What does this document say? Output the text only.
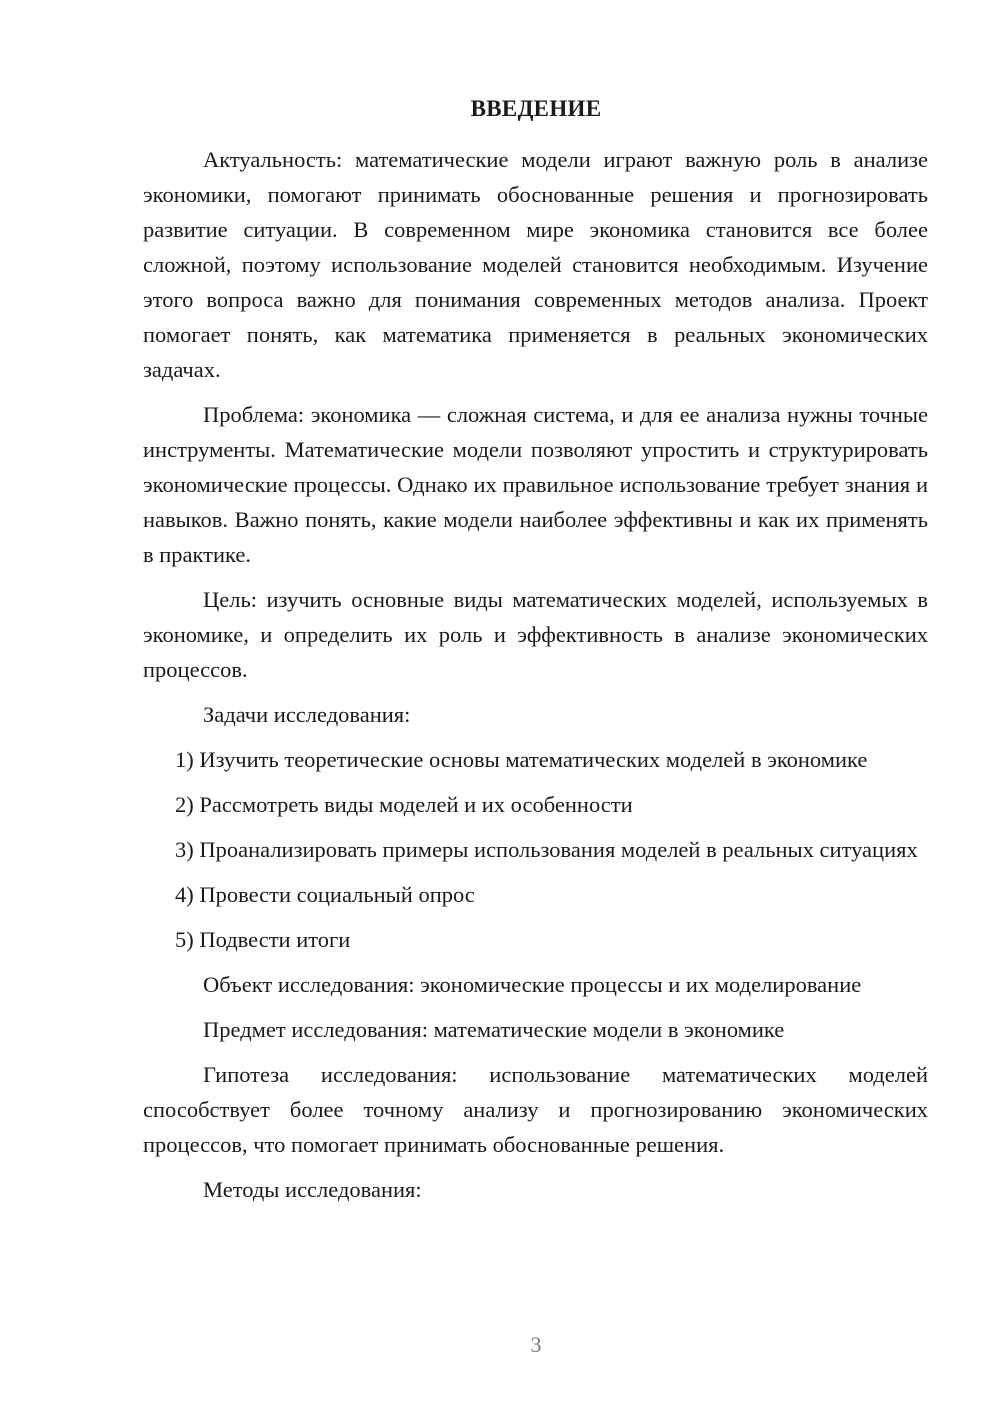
ВВЕДЕНИЕ

Актуальность: математические модели играют важную роль в анализе экономики, помогают принимать обоснованные решения и прогнозировать развитие ситуации. В современном мире экономика становится все более сложной, поэтому использование моделей становится необходимым. Изучение этого вопроса важно для понимания современных методов анализа. Проект помогает понять, как математика применяется в реальных экономических задачах.

Проблема: экономика — сложная система, и для ее анализа нужны точные инструменты. Математические модели позволяют упростить и структурировать экономические процессы. Однако их правильное использование требует знания и навыков. Важно понять, какие модели наиболее эффективны и как их применять в практике.

Цель: изучить основные виды математических моделей, используемых в экономике, и определить их роль и эффективность в анализе экономических процессов.

Задачи исследования:

1) Изучить теоретические основы математических моделей в экономике

2) Рассмотреть виды моделей и их особенности

3) Проанализировать примеры использования моделей в реальных ситуациях

4) Провести социальный опрос

5) Подвести итоги

Объект исследования: экономические процессы и их моделирование

Предмет исследования: математические модели в экономике

Гипотеза исследования: использование математических моделей способствует более точному анализу и прогнозированию экономических процессов, что помогает принимать обоснованные решения.

Методы исследования:

3
